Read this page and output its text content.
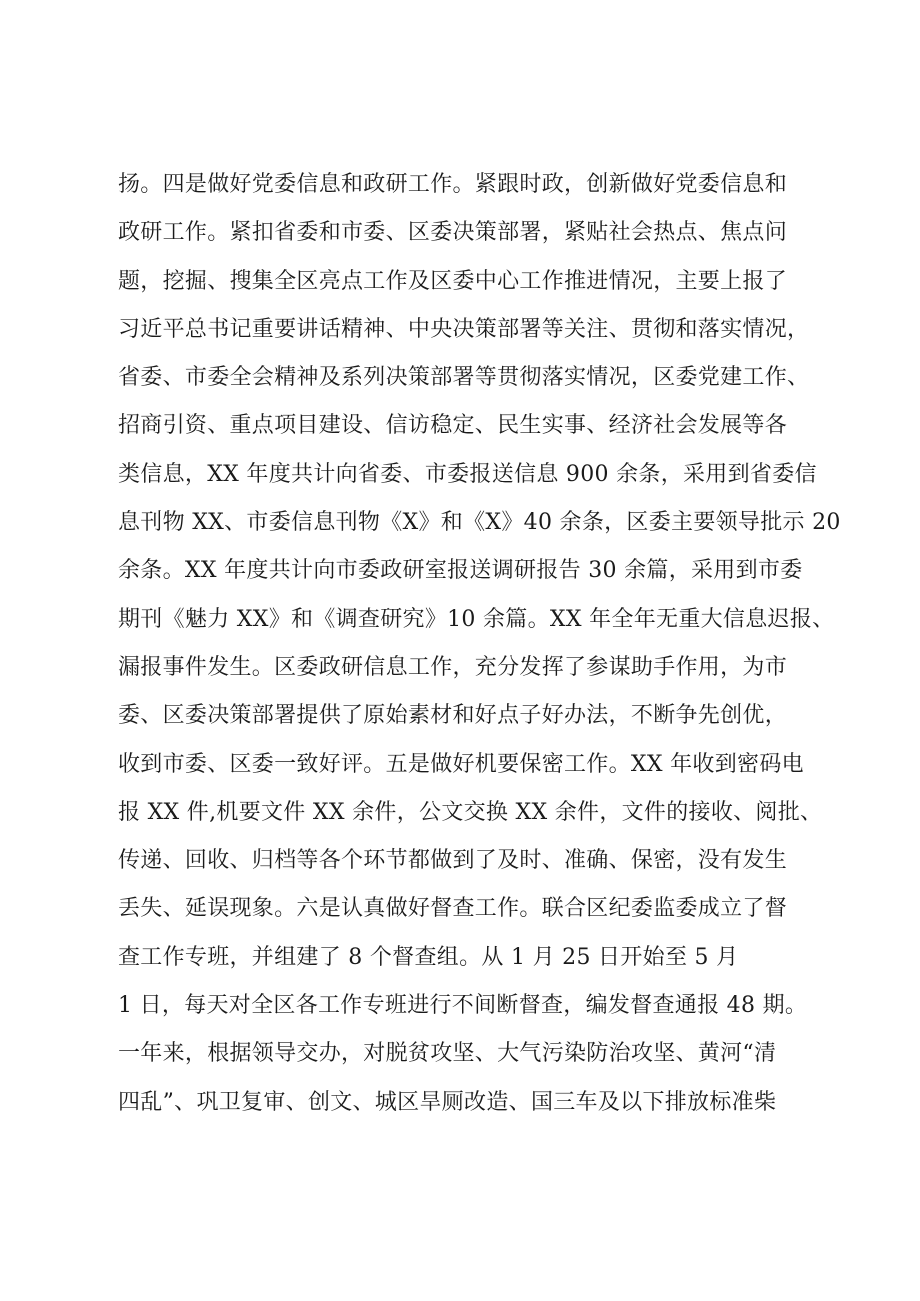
扬。四是做好党委信息和政研工作。紧跟时政，创新做好党委信息和
政研工作。紧扣省委和市委、区委决策部署，紧贴社会热点、焦点问
题，挖掘、搜集全区亮点工作及区委中心工作推进情况，主要上报了
习近平总书记重要讲话精神、中央决策部署等关注、贯彻和落实情况，
省委、市委全会精神及系列决策部署等贯彻落实情况，区委党建工作、
招商引资、重点项目建设、信访稳定、民生实事、经济社会发展等各
类信息，XX 年度共计向省委、市委报送信息 900 余条，采用到省委信
息刊物 XX、市委信息刊物《X》和《X》40 余条，区委主要领导批示 20
余条。XX 年度共计向市委政研室报送调研报告 30 余篇，采用到市委
期刊《魅力 XX》和《调查研究》10 余篇。XX 年全年无重大信息迟报、
漏报事件发生。区委政研信息工作，充分发挥了参谋助手作用，为市
委、区委决策部署提供了原始素材和好点子好办法，不断争先创优，
收到市委、区委一致好评。五是做好机要保密工作。XX 年收到密码电
报 XX 件,机要文件 XX 余件，公文交换 XX 余件，文件的接收、阅批、
传递、回收、归档等各个环节都做到了及时、准确、保密，没有发生
丢失、延误现象。六是认真做好督查工作。联合区纪委监委成立了督
查工作专班，并组建了 8 个督查组。从 1 月 25 日开始至 5 月
1 日，每天对全区各工作专班进行不间断督查，编发督查通报 48 期。
一年来，根据领导交办，对脱贫攻坚、大气污染防治攻坚、黄河“清
四乱”、巩卫复审、创文、城区旱厕改造、国三车及以下排放标准柴
